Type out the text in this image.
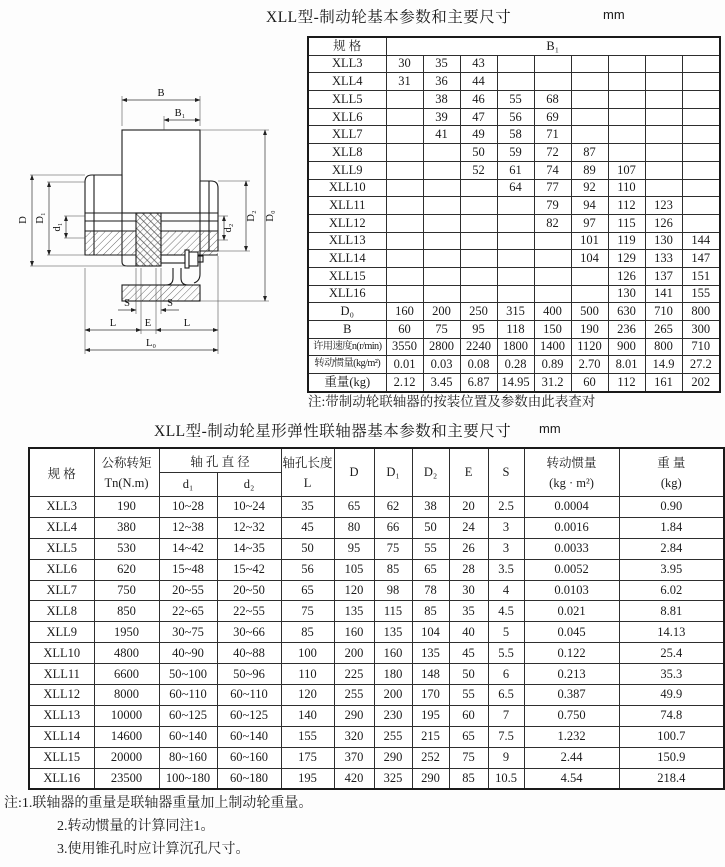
XLL型-制动轮基本参数和主要尺寸	mm
B
B₁
D D₁
d₁	d₂
D₂ D₀
S	S
L	E	L
L₀
规 格	B₁								
XLL3	30	35	43						
XLL4	31	36	44						
XLL5		38	46	55	68				
XLL6		39	47	56	69				
XLL7		41	49	58	71				
XLL8			50	59	72	87			
XLL9			52	61	74	89	107		
XLL10				64	77	92	110		
XLL11					79	94	112	123	
XLL12					82	97	115	126	
XLL13						101	119	130	144
XLL14						104	129	133	147
XLL15							126	137	151
XLL16							130	141	155
D₀	160	200	250	315	400	500	630	710	800
B	60	75	95	118	150	190	236	265	300
许用速度n(r/min)	3550	2800	2240	1800	1400	1120	900	800	710
转动惯量(kg/m²)	0.01	0.03	0.08	0.28	0.89	2.70	8.01	14.9	27.2
重量(kg)	2.12	3.45	6.87	14.95	31.2	60	112	161	202
注:带制动轮联轴器的按装位置及参数由此表查对
XLL型-制动轮星形弹性联轴器基本参数和主要尺寸 mm
规 格	
公称转矩
Tn(N.m)
	轴 孔 直 径	轴孔长度
L
	D	D₁	D₂	E	S	
转动惯量
(kg · m²)

重 量
(kg)

		d₁	d₂								
XLL3	190	10~28	10~24	35	65	62	38	20	2.5	0.0004	0.90
XLL4	380	12~38	12~32	45	80	66	50	24	3	0.0016	1.84
XLL5	530	14~42	14~35	50	95	75	55	26	3	0.0033	2.84
XLL6	620	15~48	15~42	56	105	85	65	28	3.5	0.0052	3.95
XLL7	750	20~55	20~50	65	120	98	78	30	4	0.0103	6.02
XLL8	850	22~65	22~55	75	135	115	85	35	4.5	0.021	8.81
XLL9	1950	30~75	30~66	85	160	135	104	40	5	0.045	14.13
XLL10	4800	40~90	40~88	100	200	160	135	45	5.5	0.122	25.4
XLL11	6600	50~100	50~96	110	225	180	148	50	6	0.213	35.3
XLL12	8000	60~110	60~110	120	255	200	170	55	6.5	0.387	49.9
XLL13	10000	60~125	60~125	140	290	230	195	60	7	0.750	74.8
XLL14	14600	60~140	60~140	155	320	255	215	65	7.5	1.232	100.7
XLL15	20000	80~160	60~160	175	370	290	252	75	9	2.44	150.9
XLL16	23500	100~180	60~180	195	420	325	290	85	10.5	4.54	218.4
注:1.联轴器的重量是联轴器重量加上制动轮重量。
2.转动惯量的计算同注1。
3.使用锥孔时应计算沉孔尺寸。
